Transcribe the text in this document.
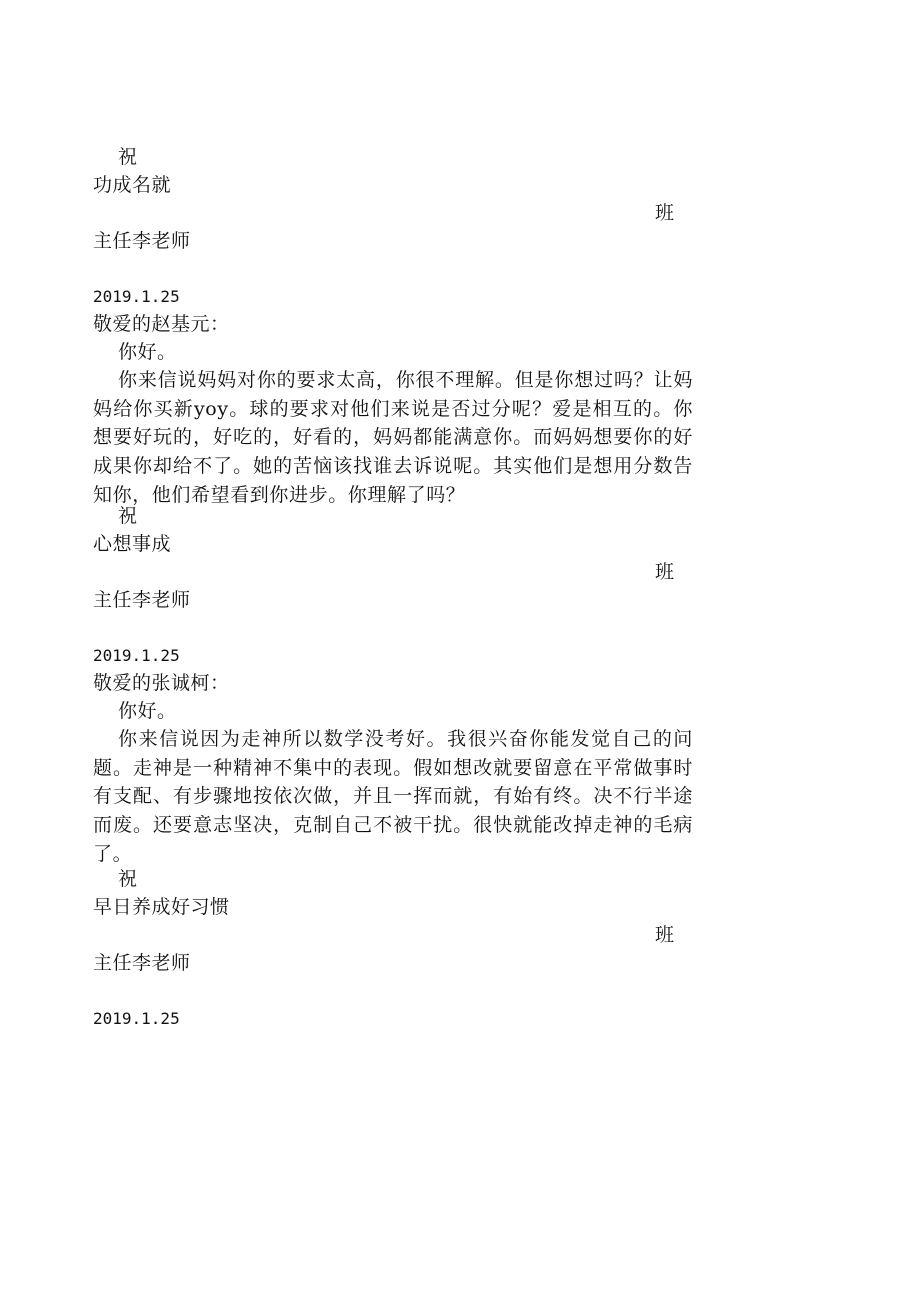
祝
功成名就
班
主任李老师
2019.1.25
敬爱的赵基元：
你好。
你来信说妈妈对你的要求太高，你很不理解。但是你想过吗？让妈妈给你买新yoy。球的要求对他们来说是否过分呢？爱是相互的。你想要好玩的，好吃的，好看的，妈妈都能满意你。而妈妈想要你的好成果你却给不了。她的苦恼该找谁去诉说呢。其实他们是想用分数告知你，他们希望看到你进步。你理解了吗？
祝
心想事成
班
主任李老师
2019.1.25
敬爱的张诚柯：
你好。
你来信说因为走神所以数学没考好。我很兴奋你能发觉自己的问题。走神是一种精神不集中的表现。假如想改就要留意在平常做事时有支配、有步骤地按依次做，并且一挥而就，有始有终。决不行半途而废。还要意志坚决，克制自己不被干扰。很快就能改掉走神的毛病了。
祝
早日养成好习惯
班
主任李老师
2019.1.25
